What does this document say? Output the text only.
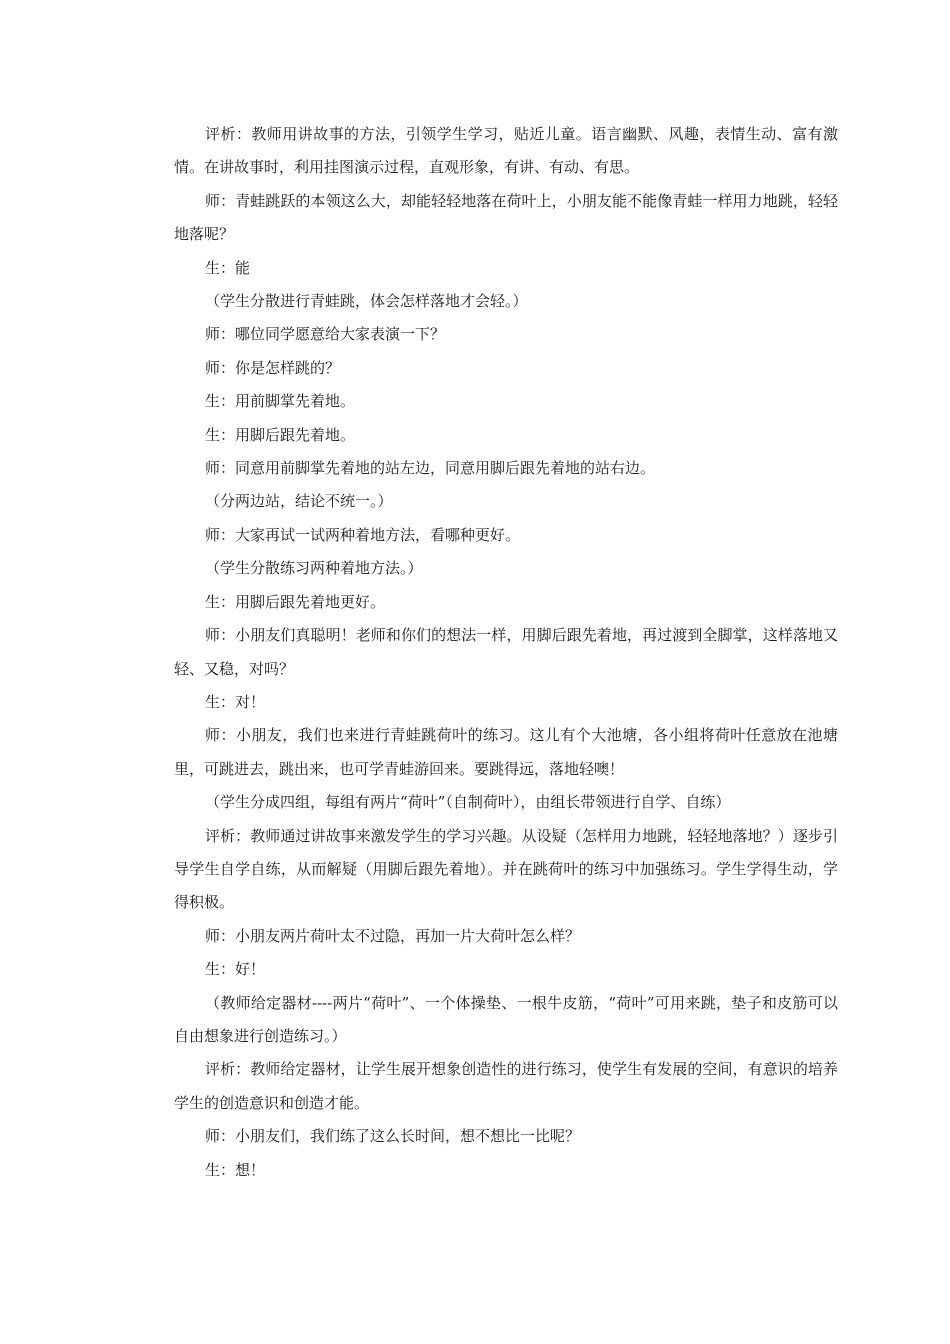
评析：教师用讲故事的方法，引领学生学习，贴近儿童。语言幽默、风趣，表情生动、富有激情。在讲故事时，利用挂图演示过程，直观形象，有讲、有动、有思。

师：青蛙跳跃的本领这么大，却能轻轻地落在荷叶上，小朋友能不能像青蛙一样用力地跳，轻轻地落呢？

生：能

（学生分散进行青蛙跳，体会怎样落地才会轻。）

师：哪位同学愿意给大家表演一下？

师：你是怎样跳的？

生：用前脚掌先着地。

生：用脚后跟先着地。

师：同意用前脚掌先着地的站左边，同意用脚后跟先着地的站右边。

（分两边站，结论不统一。）

师：大家再试一试两种着地方法，看哪种更好。

（学生分散练习两种着地方法。）

生：用脚后跟先着地更好。

师：小朋友们真聪明！老师和你们的想法一样，用脚后跟先着地，再过渡到全脚掌，这样落地又轻、又稳，对吗？

生：对！

师：小朋友，我们也来进行青蛙跳荷叶的练习。这儿有个大池塘，各小组将荷叶任意放在池塘里，可跳进去，跳出来，也可学青蛙游回来。要跳得远，落地轻噢！

（学生分成四组，每组有两片“荷叶”（自制荷叶），由组长带领进行自学、自练）

评析：教师通过讲故事来激发学生的学习兴趣。从设疑（怎样用力地跳，轻轻地落地？）逐步引导学生自学自练，从而解疑（用脚后跟先着地）。并在跳荷叶的练习中加强练习。学生学得生动，学得积极。

师：小朋友两片荷叶太不过隐，再加一片大荷叶怎么样？

生：好！

（教师给定器材----两片“荷叶”、一个体操垫、一根牛皮筋，“荷叶”可用来跳，垫子和皮筋可以自由想象进行创造练习。）

评析：教师给定器材，让学生展开想象创造性的进行练习，使学生有发展的空间，有意识的培养学生的创造意识和创造才能。

师：小朋友们，我们练了这么长时间，想不想比一比呢？

生：想！
